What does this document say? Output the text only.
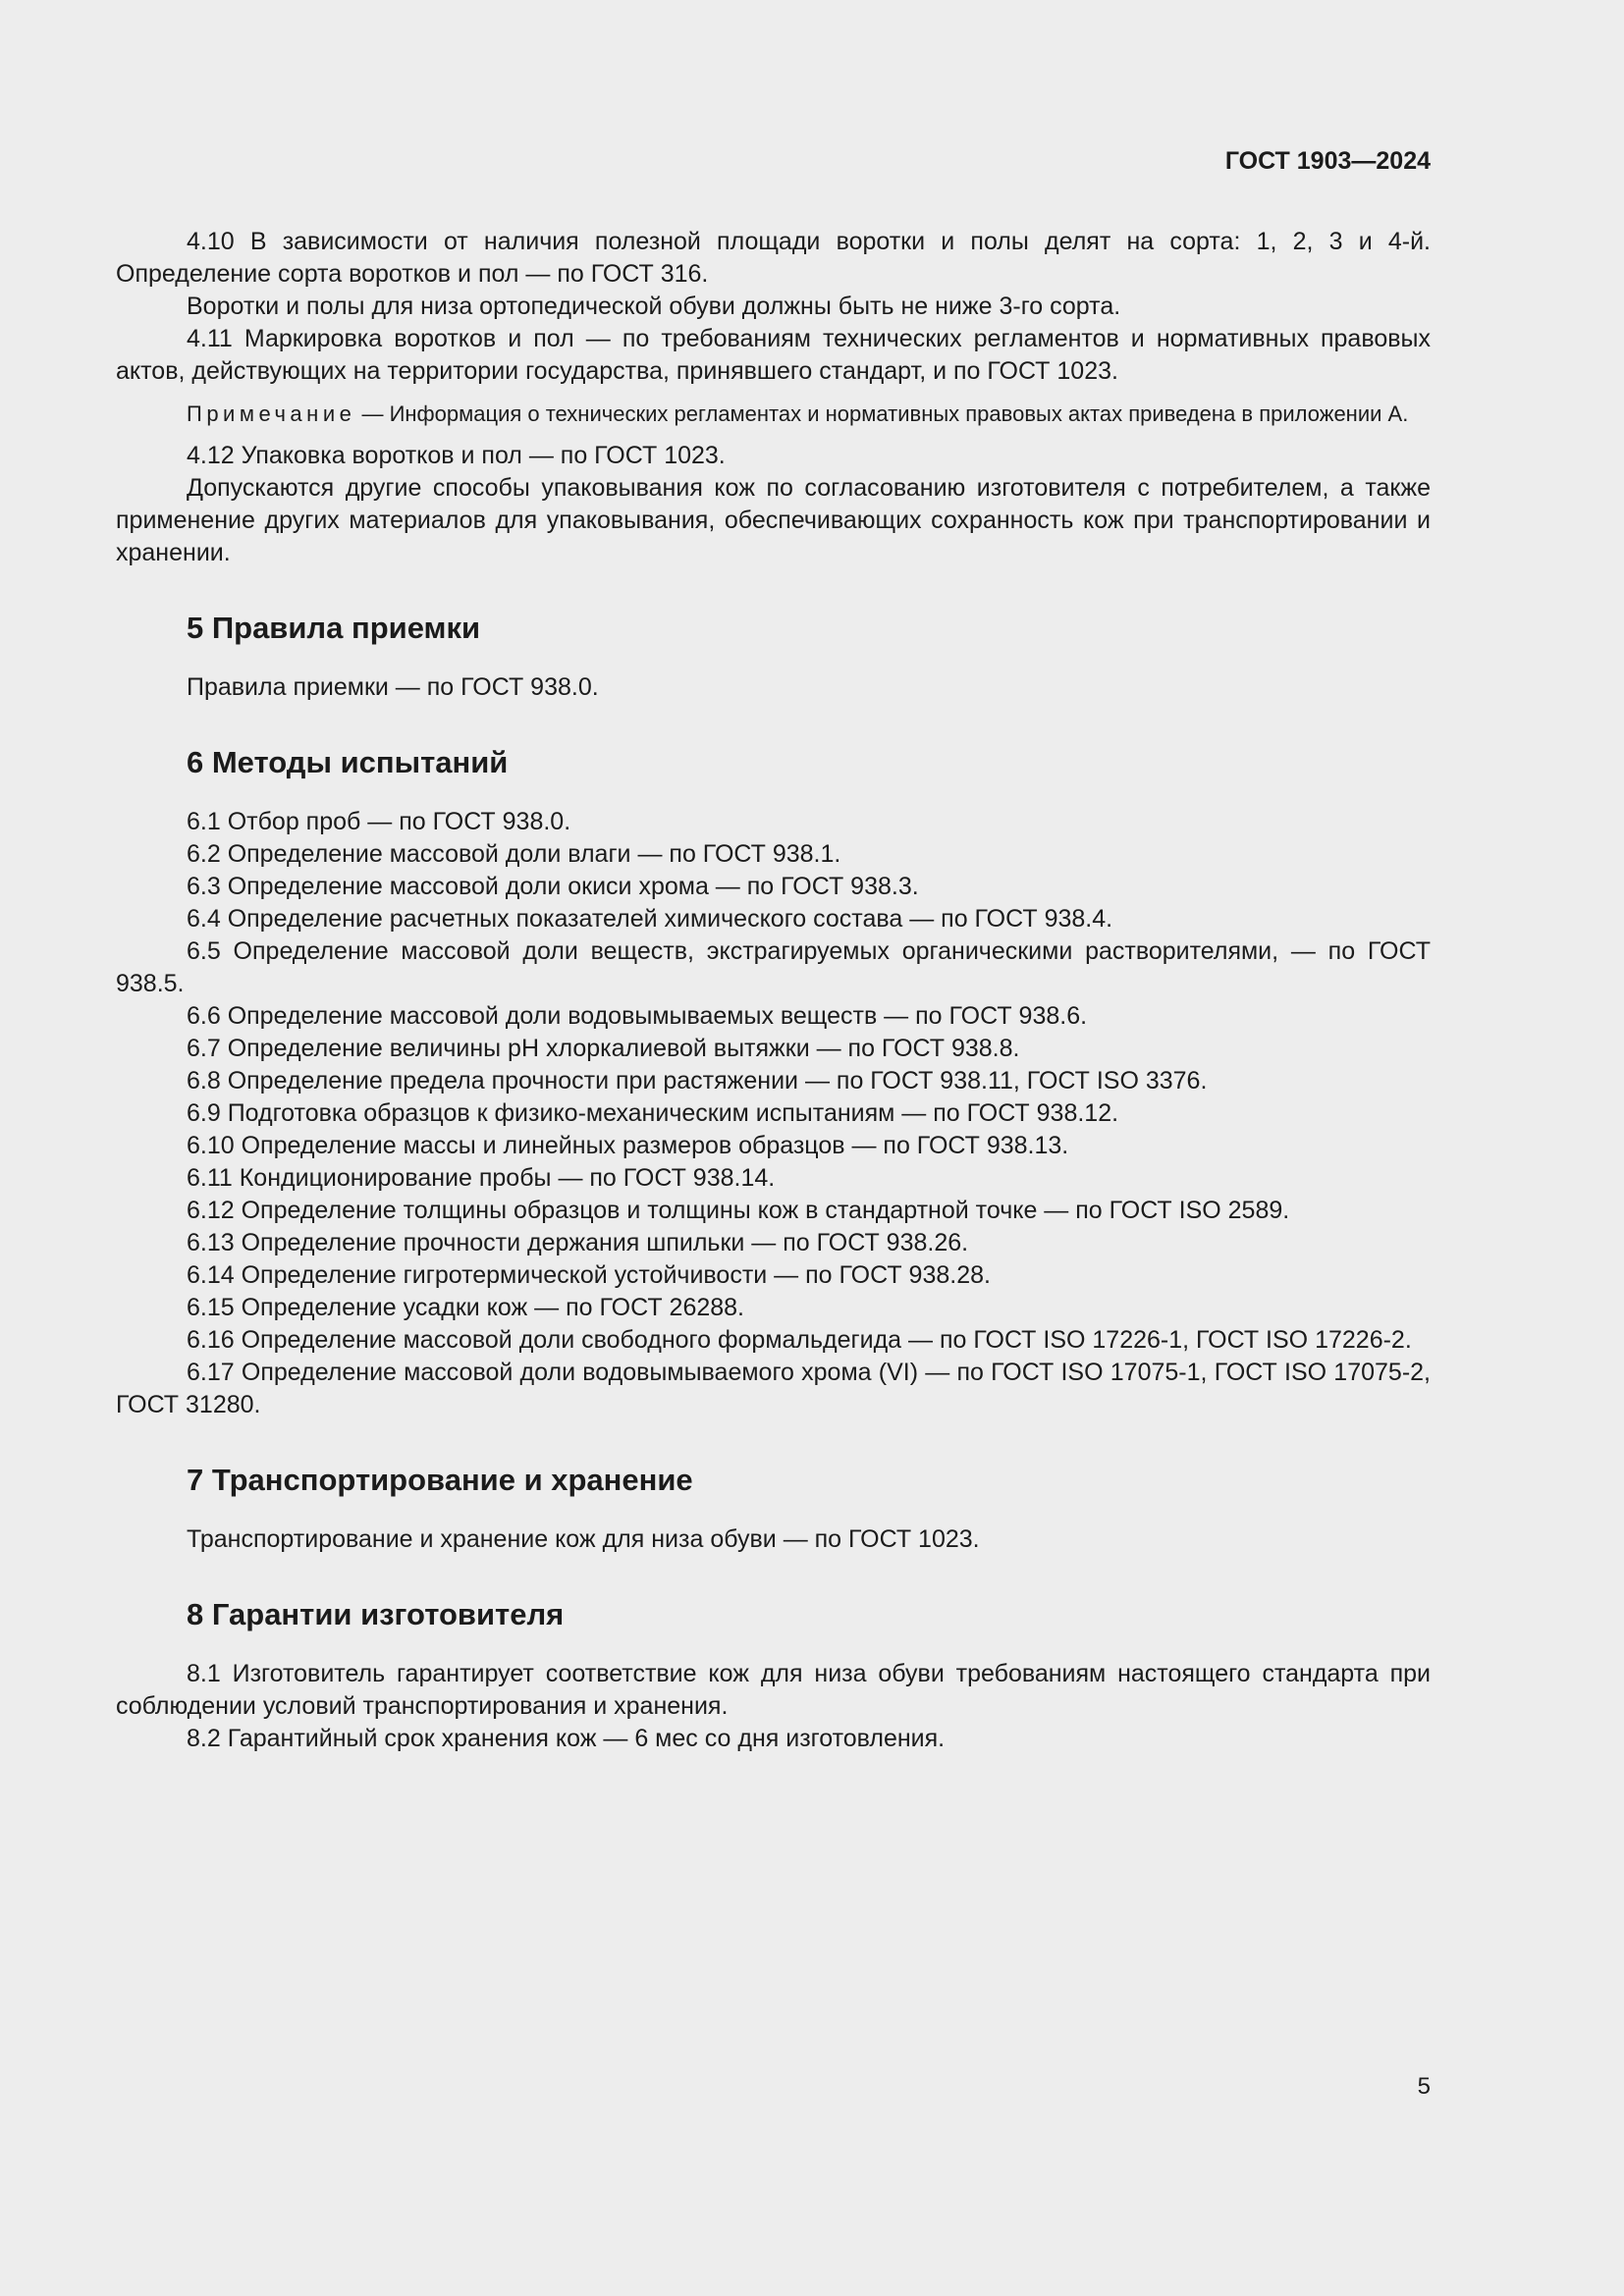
ГОСТ 1903—2024

4.10 В зависимости от наличия полезной площади воротки и полы делят на сорта: 1, 2, 3 и 4-й. Определение сорта воротков и пол — по ГОСТ 316.

Воротки и полы для низа ортопедической обуви должны быть не ниже 3-го сорта.

4.11 Маркировка воротков и пол — по требованиям технических регламентов и нормативных правовых актов, действующих на территории государства, принявшего стандарт, и по ГОСТ 1023.

Примечание — Информация о технических регламентах и нормативных правовых актах приведена в приложении А.

4.12 Упаковка воротков и пол — по ГОСТ 1023.

Допускаются другие способы упаковывания кож по согласованию изготовителя с потребителем, а также применение других материалов для упаковывания, обеспечивающих сохранность кож при транспортировании и хранении.

5 Правила приемки

Правила приемки — по ГОСТ 938.0.

6 Методы испытаний

6.1 Отбор проб — по ГОСТ 938.0.

6.2 Определение массовой доли влаги — по ГОСТ 938.1.

6.3 Определение массовой доли окиси хрома — по ГОСТ 938.3.

6.4 Определение расчетных показателей химического состава — по ГОСТ 938.4.

6.5 Определение массовой доли веществ, экстрагируемых органическими растворителями, — по ГОСТ 938.5.

6.6 Определение массовой доли водовымываемых веществ — по ГОСТ 938.6.

6.7 Определение величины pH хлоркалиевой вытяжки — по ГОСТ 938.8.

6.8 Определение предела прочности при растяжении — по ГОСТ 938.11, ГОСТ ISO 3376.

6.9 Подготовка образцов к физико-механическим испытаниям — по ГОСТ 938.12.

6.10 Определение массы и линейных размеров образцов — по ГОСТ 938.13.

6.11 Кондиционирование пробы — по ГОСТ 938.14.

6.12 Определение толщины образцов и толщины кож в стандартной точке — по ГОСТ ISO 2589.

6.13 Определение прочности держания шпильки — по ГОСТ 938.26.

6.14 Определение гигротермической устойчивости — по ГОСТ 938.28.

6.15 Определение усадки кож — по ГОСТ 26288.

6.16 Определение массовой доли свободного формальдегида — по ГОСТ ISO 17226-1, ГОСТ ISO 17226-2.

6.17 Определение массовой доли водовымываемого хрома (VI) — по ГОСТ ISO 17075-1, ГОСТ ISO 17075-2, ГОСТ 31280.

7 Транспортирование и хранение

Транспортирование и хранение кож для низа обуви — по ГОСТ 1023.

8 Гарантии изготовителя

8.1 Изготовитель гарантирует соответствие кож для низа обуви требованиям настоящего стандарта при соблюдении условий транспортирования и хранения.

8.2 Гарантийный срок хранения кож — 6 мес со дня изготовления.

5
